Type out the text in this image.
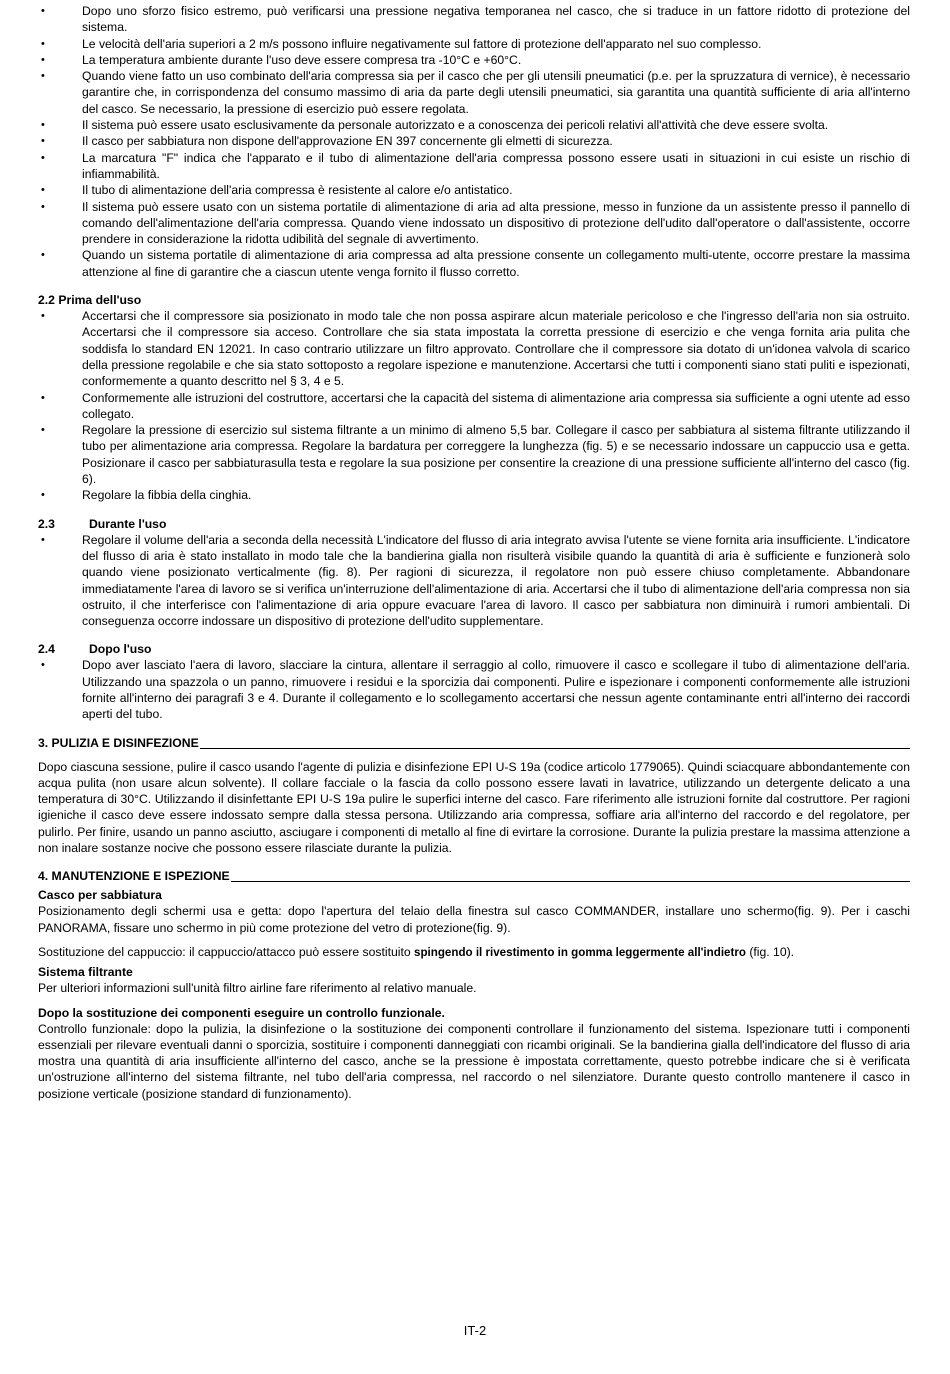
• Dopo uno sforzo fisico estremo, può verificarsi una pressione negativa temporanea nel casco, che si traduce in un fattore ridotto di protezione del sistema.
• Le velocità dell'aria superiori a 2 m/s possono influire negativamente sul fattore di protezione dell'apparato nel suo complesso.
• La temperatura ambiente durante l'uso deve essere compresa tra -10°C e +60°C.
• Quando viene fatto un uso combinato dell'aria compressa sia per il casco che per gli utensili pneumatici (p.e. per la spruzzatura di vernice), è necessario garantire che, in corrispondenza del consumo massimo di aria da parte degli utensili pneumatici, sia garantita una quantità sufficiente di aria all'interno del casco. Se necessario, la pressione di esercizio può essere regolata.
• Il sistema può essere usato esclusivamente da personale autorizzato e a conoscenza dei pericoli relativi all'attività che deve essere svolta.
• Il casco per sabbiatura non dispone dell'approvazione EN 397 concernente gli elmetti di sicurezza.
• La marcatura "F" indica che l'apparato e il tubo di alimentazione dell'aria compressa possono essere usati in situazioni in cui esiste un rischio di infiammabilità.
• Il tubo di alimentazione dell'aria compressa è resistente al calore e/o antistatico.
• Il sistema può essere usato con un sistema portatile di alimentazione di aria ad alta pressione, messo in funzione da un assistente presso il pannello di comando dell'alimentazione dell'aria compressa. Quando viene indossato un dispositivo di protezione dell'udito dall'operatore o dall'assistente, occorre prendere in considerazione la ridotta udibilità del segnale di avvertimento.
• Quando un sistema portatile di alimentazione di aria compressa ad alta pressione consente un collegamento multi-utente, occorre prestare la massima attenzione al fine di garantire che a ciascun utente venga fornito il flusso corretto.
2.2 Prima dell'uso
• Accertarsi che il compressore sia posizionato in modo tale che non possa aspirare alcun materiale pericoloso e che l'ingresso dell'aria non sia ostruito. Accertarsi che il compressore sia acceso. Controllare che sia stata impostata la corretta pressione di esercizio e che venga fornita aria pulita che soddisfa lo standard EN 12021. In caso contrario utilizzare un filtro approvato. Controllare che il compressore sia dotato di un'idonea valvola di scarico della pressione regolabile e che sia stato sottoposto a regolare ispezione e manutenzione. Accertarsi che tutti i componenti siano stati puliti e ispezionati, conformemente a quanto descritto nel § 3, 4 e 5.
• Conformemente alle istruzioni del costruttore, accertarsi che la capacità del sistema di alimentazione aria compressa sia sufficiente a ogni utente ad esso collegato.
• Regolare la pressione di esercizio sul sistema filtrante a un minimo di almeno 5,5 bar. Collegare il casco per sabbiatura al sistema filtrante utilizzando il tubo per alimentazione aria compressa. Regolare la bardatura per correggere la lunghezza (fig. 5) e se necessario indossare un cappuccio usa e getta. Posizionare il casco per sabbiaturasulla testa e regolare la sua posizione per consentire la creazione di una pressione sufficiente all'interno del casco (fig. 6).
• Regolare la fibbia della cinghia.
2.3	Durante l'uso
• Regolare il volume dell'aria a seconda della necessità L'indicatore del flusso di aria integrato avvisa l'utente se viene fornita aria insufficiente. L'indicatore del flusso di aria è stato installato in modo tale che la bandierina gialla non risulterà visibile quando la quantità di aria è sufficiente e funzionerà solo quando viene posizionato verticalmente (fig. 8). Per ragioni di sicurezza, il regolatore non può essere chiuso completamente. Abbandonare immediatamente l'area di lavoro se si verifica un'interruzione dell'alimentazione di aria. Accertarsi che il tubo di alimentazione dell'aria compressa non sia ostruito, il che interferisce con l'alimentazione di aria oppure evacuare l'area di lavoro. Il casco per sabbiatura non diminuirà i rumori ambientali. Di conseguenza occorre indossare un dispositivo di protezione dell'udito supplementare.
2.4	Dopo l'uso
• Dopo aver lasciato l'aera di lavoro, slacciare la cintura, allentare il serraggio al collo, rimuovere il casco e scollegare il tubo di alimentazione dell'aria. Utilizzando una spazzola o un panno, rimuovere i residui e la sporcizia dai componenti. Pulire e ispezionare i componenti conformemente alle istruzioni fornite all'interno dei paragrafi 3 e 4. Durante il collegamento e lo scollegamento accertarsi che nessun agente contaminante entri all'interno dei raccordi aperti del tubo.
3. PULIZIA E DISINFEZIONE

Dopo ciascuna sessione, pulire il casco usando l'agente di pulizia e disinfezione EPI U-S 19a (codice articolo 1779065). Quindi sciacquare abbondantemente con acqua pulita (non usare alcun solvente). Il collare facciale o la fascia da collo possono essere lavati in lavatrice, utilizzando un detergente delicato a una temperatura di 30°C. Utilizzando il disinfettante EPI U-S 19a pulire le superfici interne del casco. Fare riferimento alle istruzioni fornite dal costruttore. Per ragioni igieniche il casco deve essere indossato sempre dalla stessa persona. Utilizzando aria compressa, soffiare aria all'interno del raccordo e del regolatore, per pulirlo. Per finire, usando un panno asciutto, asciugare i componenti di metallo al fine di evirtare la corrosione. Durante la pulizia prestare la massima attenzione a non inalare sostanze nocive che possono essere rilasciate durante la pulizia.

4. MANUTENZIONE E ISPEZIONE
Casco per sabbiatura

Posizionamento degli schermi usa e getta: dopo l'apertura del telaio della finestra sul casco COMMANDER, installare uno schermo(fig. 9). Per i caschi PANORAMA, fissare uno schermo in più come protezione del vetro di protezione(fig. 9).

Sostituzione del cappuccio: il cappuccio/attacco può essere sostituito spingendo il rivestimento in gomma leggermente all'indietro (fig. 10).

Sistema filtrante

Per ulteriori informazioni sull'unità filtro airline fare riferimento al relativo manuale.

Dopo la sostituzione dei componenti eseguire un controllo funzionale.

Controllo funzionale: dopo la pulizia, la disinfezione o la sostituzione dei componenti controllare il funzionamento del sistema. Ispezionare tutti i componenti essenziali per rilevare eventuali danni o sporcizia, sostituire i componenti danneggiati con ricambi originali. Se la bandierina gialla dell'indicatore del flusso di aria mostra una quantità di aria insufficiente all'interno del casco, anche se la pressione è impostata correttamente, questo potrebbe indicare che si è verificata un'ostruzione all'interno del sistema filtrante, nel tubo dell'aria compressa, nel raccordo o nel silenziatore. Durante questo controllo mantenere il casco in posizione verticale (posizione standard di funzionamento).

IT-2
